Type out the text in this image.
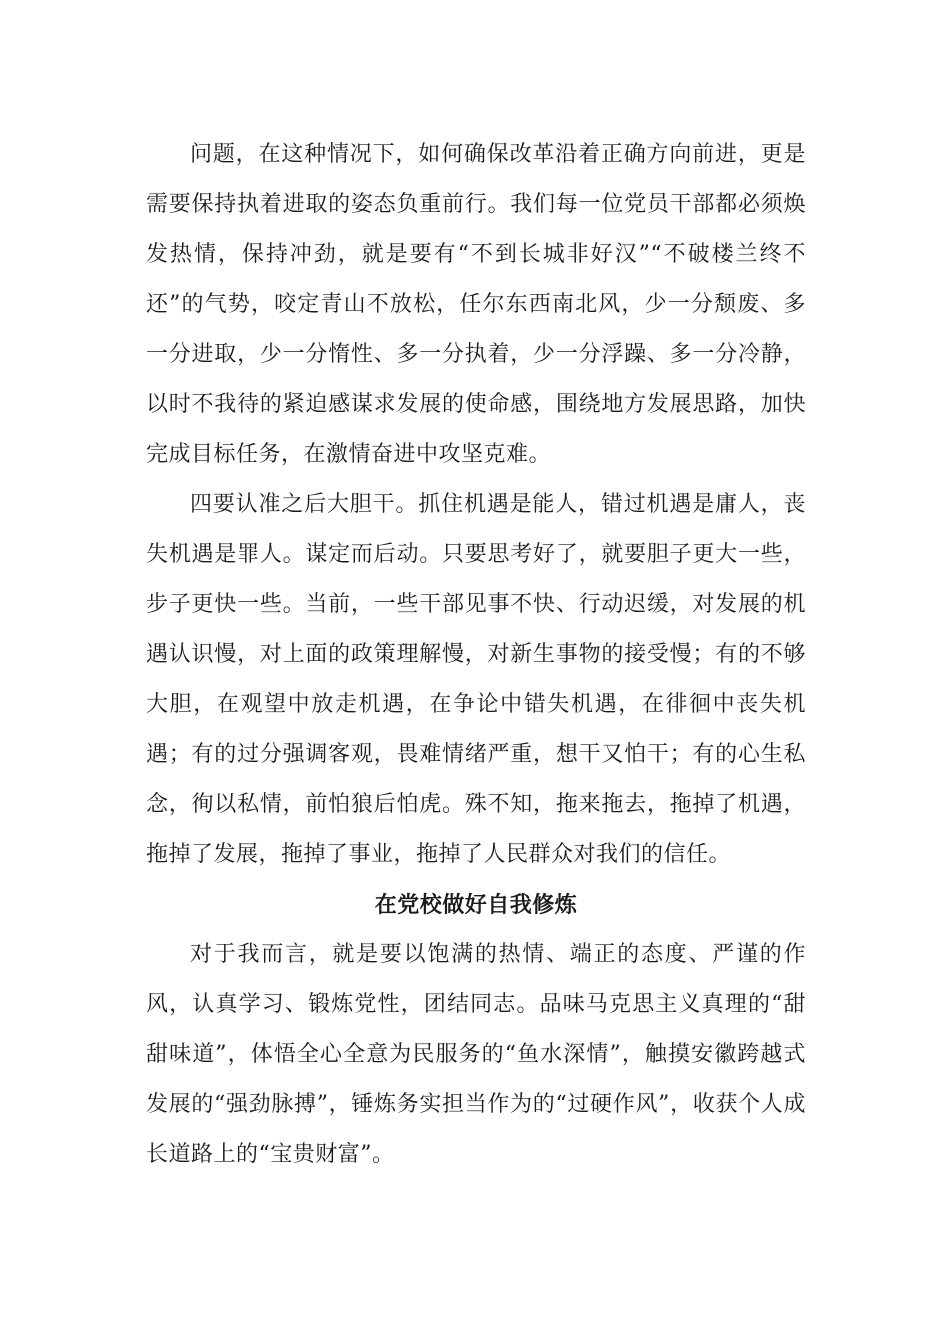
问题，在这种情况下，如何确保改革沿着正确方向前进，更是需要保持执着进取的姿态负重前行。我们每一位党员干部都必须焕发热情，保持冲劲，就是要有“不到长城非好汉”“不破楼兰终不还”的气势，咬定青山不放松，任尔东西南北风，少一分颓废、多一分进取，少一分惰性、多一分执着，少一分浮躁、多一分冷静，以时不我待的紧迫感谋求发展的使命感，围绕地方发展思路，加快完成目标任务，在激情奋进中攻坚克难。

四要认准之后大胆干。抓住机遇是能人，错过机遇是庸人，丧失机遇是罪人。谋定而后动。只要思考好了，就要胆子更大一些，步子更快一些。当前，一些干部见事不快、行动迟缓，对发展的机遇认识慢，对上面的政策理解慢，对新生事物的接受慢；有的不够大胆，在观望中放走机遇，在争论中错失机遇，在徘徊中丧失机遇；有的过分强调客观，畏难情绪严重，想干又怕干；有的心生私念，徇以私情，前怕狼后怕虎。殊不知，拖来拖去，拖掉了机遇，拖掉了发展，拖掉了事业，拖掉了人民群众对我们的信任。

在党校做好自我修炼

对于我而言，就是要以饱满的热情、端正的态度、严谨的作风，认真学习、锻炼党性，团结同志。品味马克思主义真理的“甜甜味道”，体悟全心全意为民服务的“鱼水深情”，触摸安徽跨越式发展的“强劲脉搏”，锤炼务实担当作为的“过硬作风”，收获个人成长道路上的“宝贵财富”。
